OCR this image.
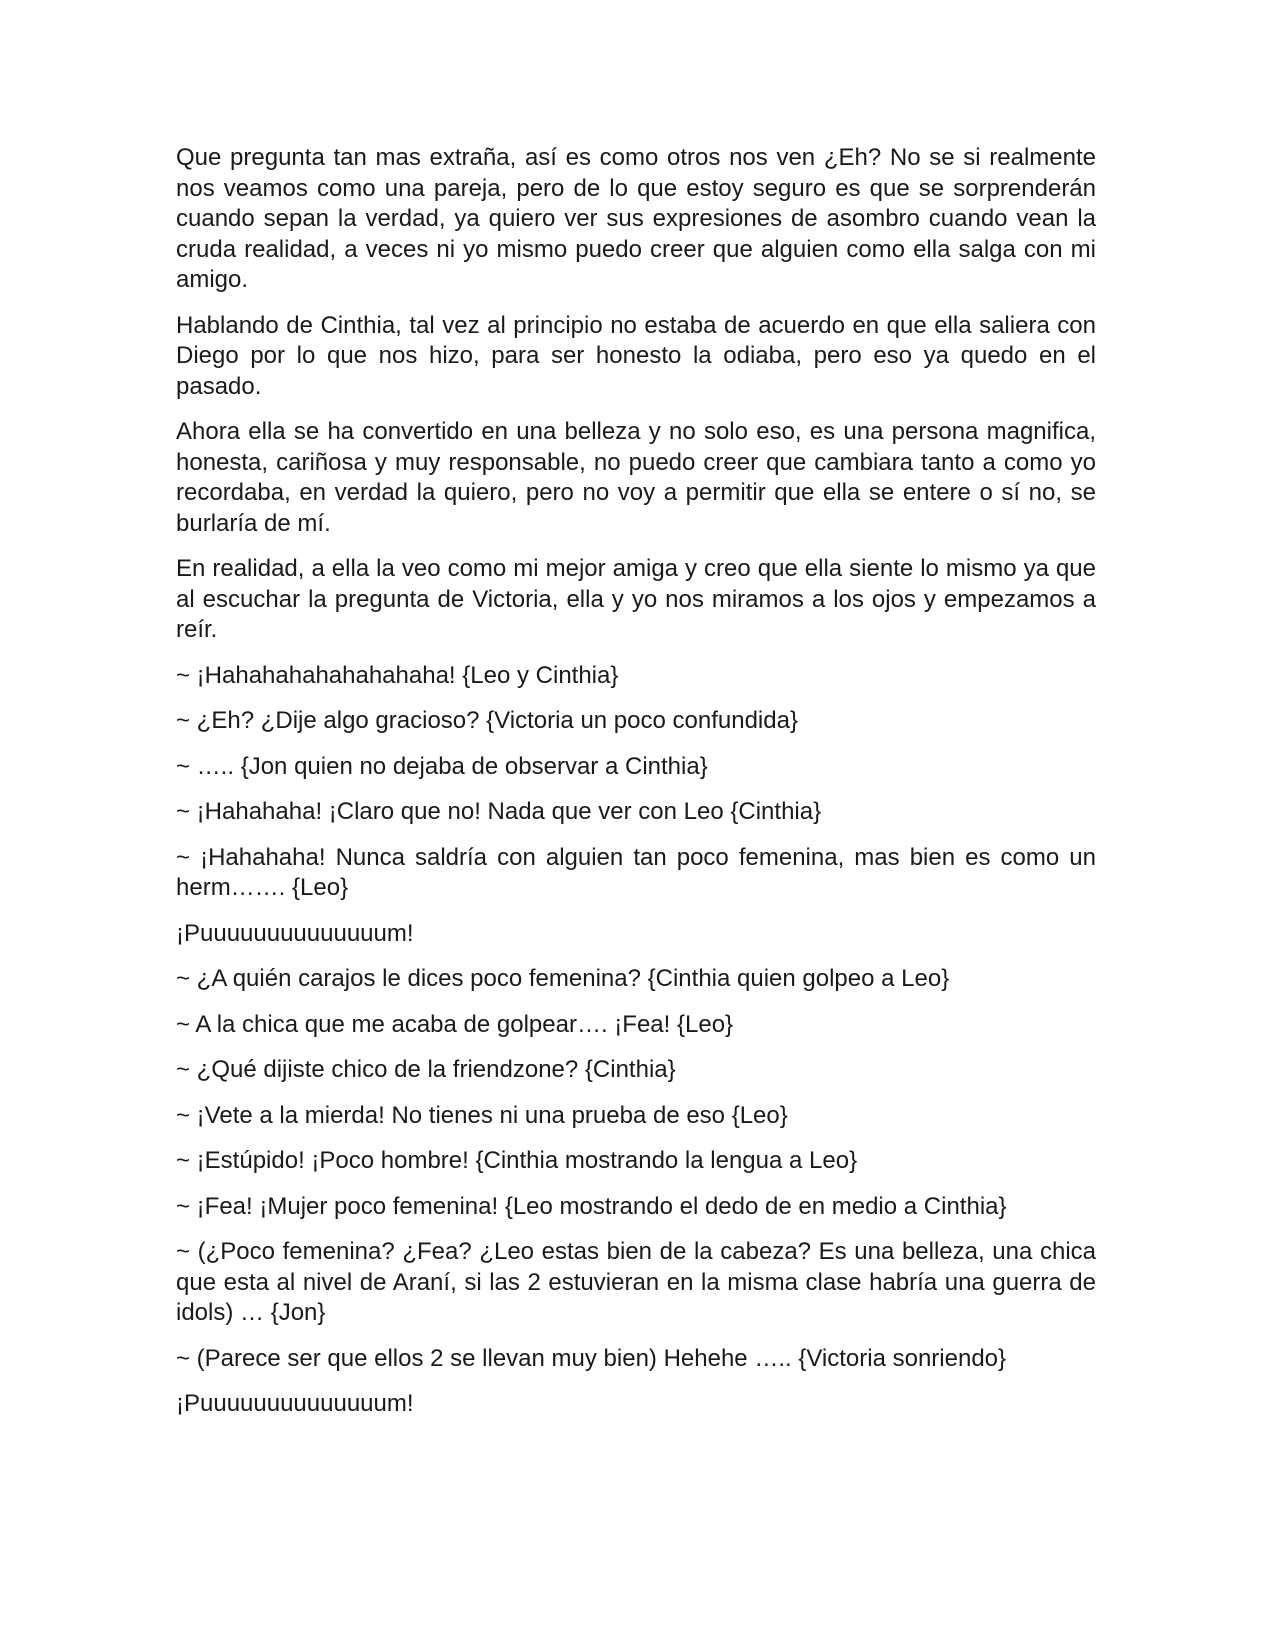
Que pregunta tan mas extraña, así es como otros nos ven ¿Eh? No se si realmente nos veamos como una pareja, pero de lo que estoy seguro es que se sorprenderán cuando sepan la verdad, ya quiero ver sus expresiones de asombro cuando vean la cruda realidad, a veces ni yo mismo puedo creer que alguien como ella salga con mi amigo.

Hablando de Cinthia, tal vez al principio no estaba de acuerdo en que ella saliera con Diego por lo que nos hizo, para ser honesto la odiaba, pero eso ya quedo en el pasado.

Ahora ella se ha convertido en una belleza y no solo eso, es una persona magnifica, honesta, cariñosa y muy responsable, no puedo creer que cambiara tanto a como yo recordaba, en verdad la quiero, pero no voy a permitir que ella se entere o sí no, se burlaría de mí.

En realidad, a ella la veo como mi mejor amiga y creo que ella siente lo mismo ya que al escuchar la pregunta de Victoria, ella y yo nos miramos a los ojos y empezamos a reír.

~ ¡Hahahahahahahahaha! {Leo y Cinthia}

~ ¿Eh? ¿Dije algo gracioso? {Victoria un poco confundida}

~ ….. {Jon quien no dejaba de observar a Cinthia}

~ ¡Hahahaha! ¡Claro que no! Nada que ver con Leo {Cinthia}

~ ¡Hahahaha! Nunca saldría con alguien tan poco femenina, mas bien es como un herm……. {Leo}

¡Puuuuuuuuuuuuuum!

~ ¿A quién carajos le dices poco femenina? {Cinthia quien golpeo a Leo}

~ A la chica que me acaba de golpear…. ¡Fea! {Leo}

~ ¿Qué dijiste chico de la friendzone? {Cinthia}

~ ¡Vete a la mierda! No tienes ni una prueba de eso {Leo}

~ ¡Estúpido! ¡Poco hombre! {Cinthia mostrando la lengua a Leo}

~ ¡Fea! ¡Mujer poco femenina! {Leo mostrando el dedo de en medio a Cinthia}

~ (¿Poco femenina? ¿Fea? ¿Leo estas bien de la cabeza? Es una belleza, una chica que esta al nivel de Araní, si las 2 estuvieran en la misma clase habría una guerra de idols) … {Jon}

~ (Parece ser que ellos 2 se llevan muy bien) Hehehe ….. {Victoria sonriendo}

¡Puuuuuuuuuuuuuum!
